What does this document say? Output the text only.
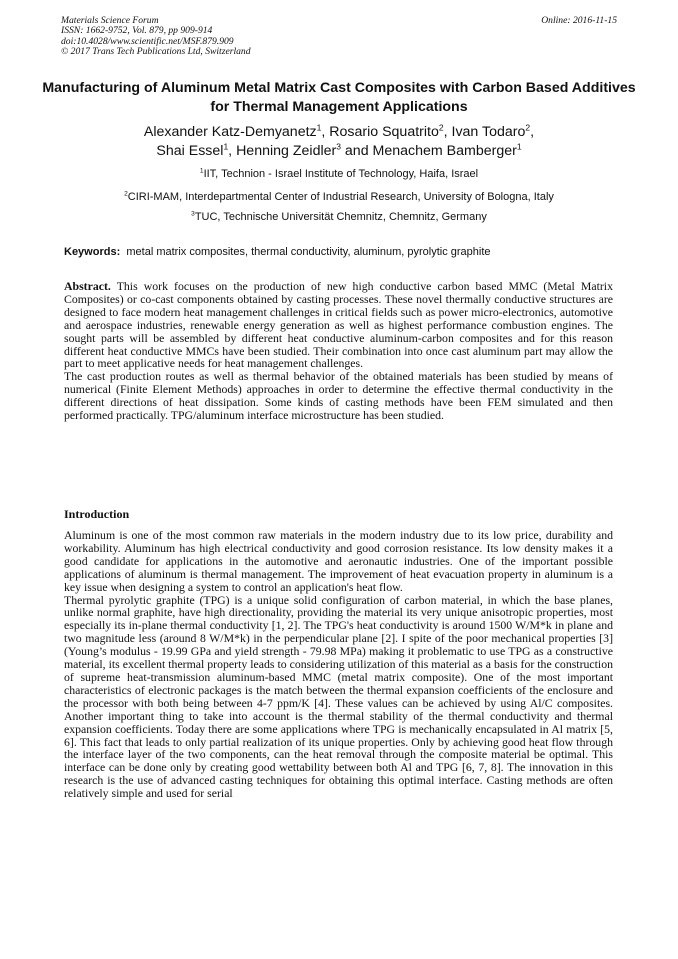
Materials Science Forum
ISSN: 1662-9752, Vol. 879, pp 909-914
doi:10.4028/www.scientific.net/MSF.879.909
© 2017 Trans Tech Publications Ltd, Switzerland
Online: 2016-11-15
Manufacturing of Aluminum Metal Matrix Cast Composites with Carbon Based Additives for Thermal Management Applications
Alexander Katz-Demyanetz$^1$, Rosario Squatrito$^2$, Ivan Todaro$^2$,
Shai Essel$^1$, Henning Zeidler$^3$ and Menachem Bamberger$^1$
$^1$IIT, Technion - Israel Institute of Technology, Haifa, Israel
$^2$CIRI-MAM, Interdepartmental Center of Industrial Research, University of Bologna, Italy
$^3$TUC, Technische Universität Chemnitz, Chemnitz, Germany
Keywords: metal matrix composites, thermal conductivity, aluminum, pyrolytic graphite

Abstract. This work focuses on the production of new high conductive carbon based MMC (Metal Matrix Composites) or co-cast components obtained by casting processes. These novel thermally conductive structures are designed to face modern heat management challenges in critical fields such as power micro-electronics, automotive and aerospace industries, renewable energy generation as well as highest performance combustion engines. The sought parts will be assembled by different heat conductive aluminum-carbon composites and for this reason different heat conductive MMCs have been studied. Their combination into once cast aluminum part may allow the part to meet applicative needs for heat management challenges.

The cast production routes as well as thermal behavior of the obtained materials has been studied by means of numerical (Finite Element Methods) approaches in order to determine the effective thermal conductivity in the different directions of heat dissipation. Some kinds of casting methods have been FEM simulated and then performed practically. TPG/aluminum interface microstructure has been studied.

Introduction

Aluminum is one of the most common raw materials in the modern industry due to its low price, durability and workability. Aluminum has high electrical conductivity and good corrosion resistance. Its low density makes it a good candidate for applications in the automotive and aeronautic industries. One of the important possible applications of aluminum is thermal management. The improvement of heat evacuation property in aluminum is a key issue when designing a system to control an application's heat flow.

Thermal pyrolytic graphite (TPG) is a unique solid configuration of carbon material, in which the base planes, unlike normal graphite, have high directionality, providing the material its very unique anisotropic properties, most especially its in-plane thermal conductivity [1, 2]. The TPG's heat conductivity is around 1500 W/M*k in plane and two magnitude less (around 8 W/M*k) in the perpendicular plane [2]. I spite of the poor mechanical properties [3] (Young’s modulus - 19.99 GPa and yield strength - 79.98 MPa) making it problematic to use TPG as a constructive material, its excellent thermal property leads to considering utilization of this material as a basis for the construction of supreme heat-transmission aluminum-based MMC (metal matrix composite). One of the most important characteristics of electronic packages is the match between the thermal expansion coefficients of the enclosure and the processor with both being between 4-7 ppm/K [4]. These values can be achieved by using Al/C composites. Another important thing to take into account is the thermal stability of the thermal conductivity and thermal expansion coefficients. Today there are some applications where TPG is mechanically encapsulated in Al matrix [5, 6]. This fact that leads to only partial realization of its unique properties. Only by achieving good heat flow through the interface layer of the two components, can the heat removal through the composite material be optimal. This interface can be done only by creating good wettability between both Al and TPG [6, 7, 8]. The innovation in this research is the use of advanced casting techniques for obtaining this optimal interface. Casting methods are often relatively simple and used for serial
